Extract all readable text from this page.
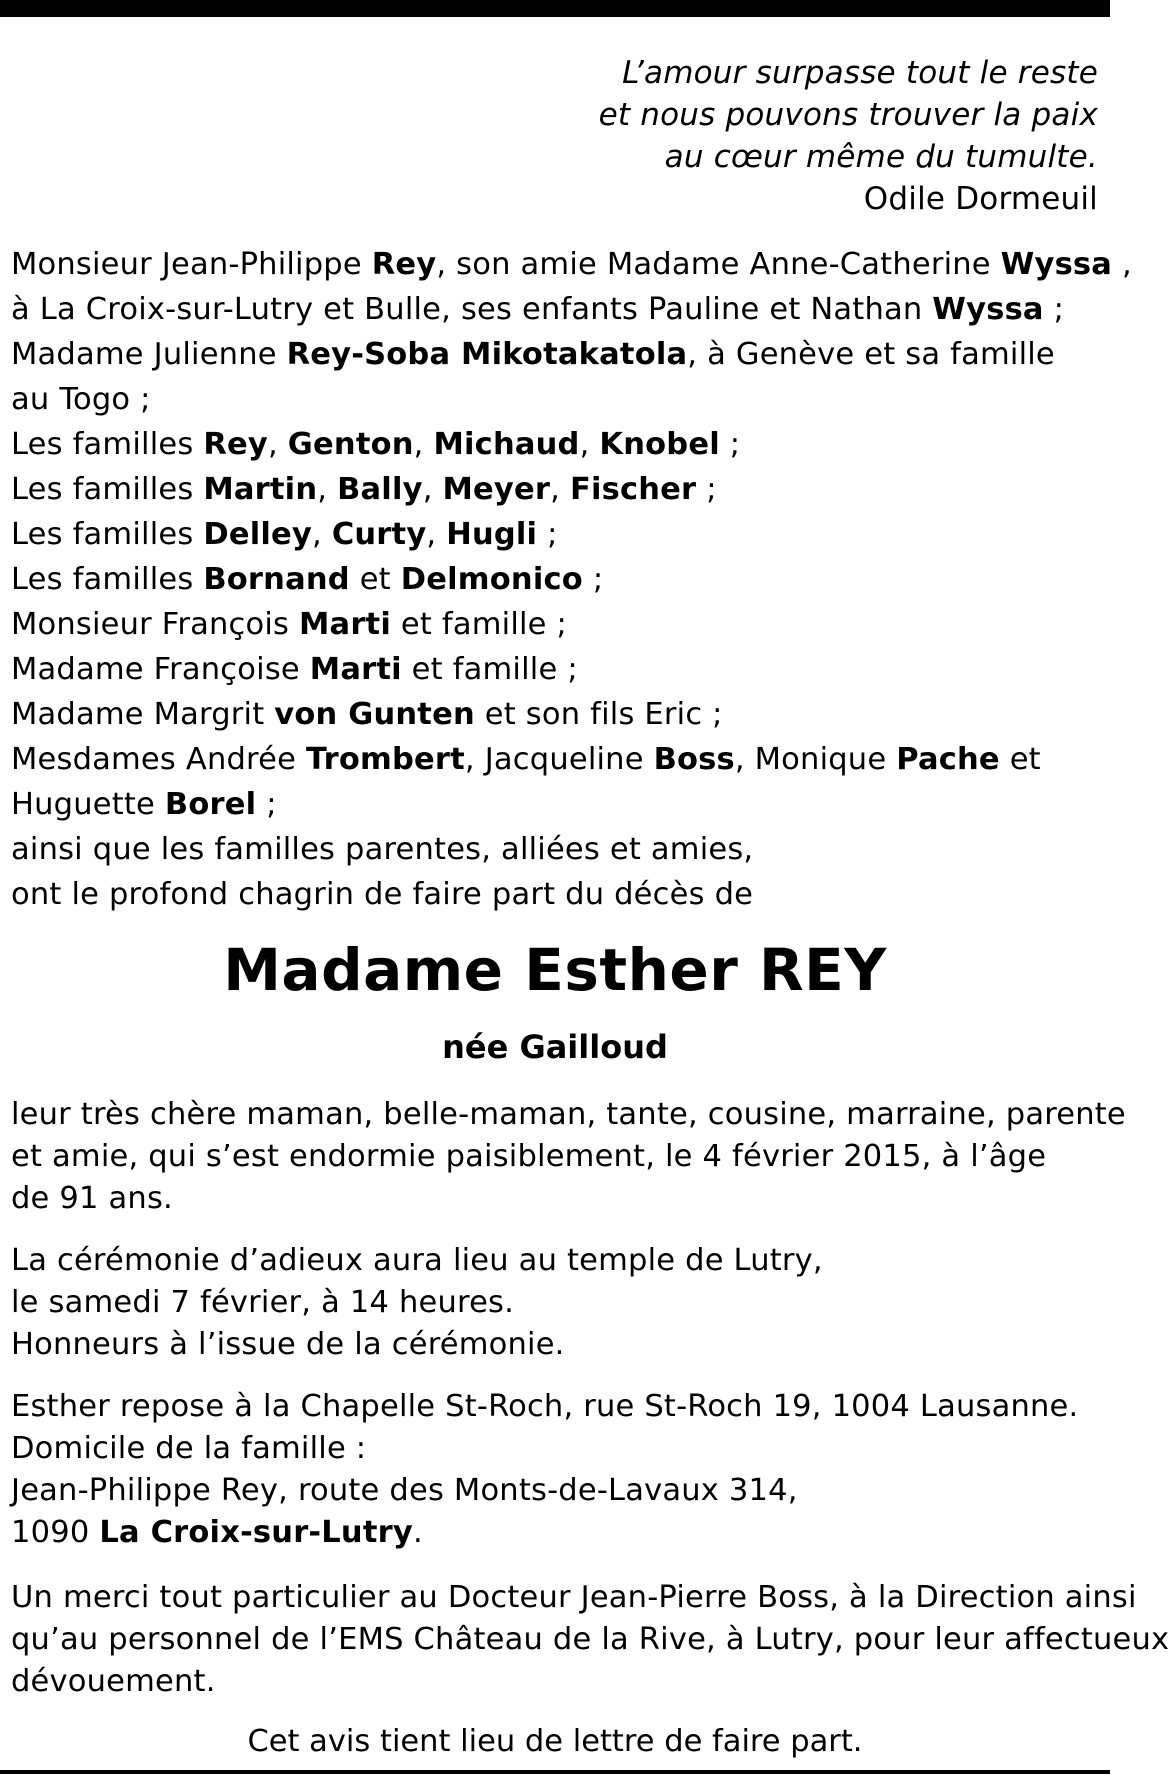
L’amour surpasse tout le reste
et nous pouvons trouver la paix
au cœur même du tumulte.
Odile Dormeuil
Monsieur Jean-Philippe Rey, son amie Madame Anne-Catherine Wyssa ,
à La Croix-sur-Lutry et Bulle, ses enfants Pauline et Nathan Wyssa ;
Madame Julienne Rey-Soba Mikotakatola, à Genève et sa famille
au Togo ;
Les familles Rey, Genton, Michaud, Knobel ;
Les familles Martin, Bally, Meyer, Fischer ;
Les familles Delley, Curty, Hugli ;
Les familles Bornand et Delmonico ;
Monsieur François Marti et famille ;
Madame Françoise Marti et famille ;
Madame Margrit von Gunten et son fils Eric ;
Mesdames Andrée Trombert, Jacqueline Boss, Monique Pache et
Huguette Borel ;
ainsi que les familles parentes, alliées et amies,
ont le profond chagrin de faire part du décès de
Madame Esther REY
née Gailloud
leur très chère maman, belle-maman, tante, cousine, marraine, parente
et amie, qui s’est endormie paisiblement, le 4 février 2015, à l’âge
de 91 ans.
La cérémonie d’adieux aura lieu au temple de Lutry,
le samedi 7 février, à 14 heures.
Honneurs à l’issue de la cérémonie.
Esther repose à la Chapelle St-Roch, rue St-Roch 19, 1004 Lausanne.
Domicile de la famille :
Jean-Philippe Rey, route des Monts-de-Lavaux 314,
1090 La Croix-sur-Lutry.
Un merci tout particulier au Docteur Jean-Pierre Boss, à la Direction ainsi
qu’au personnel de l’EMS Château de la Rive, à Lutry, pour leur affectueux
dévouement.
Cet avis tient lieu de lettre de faire part.
